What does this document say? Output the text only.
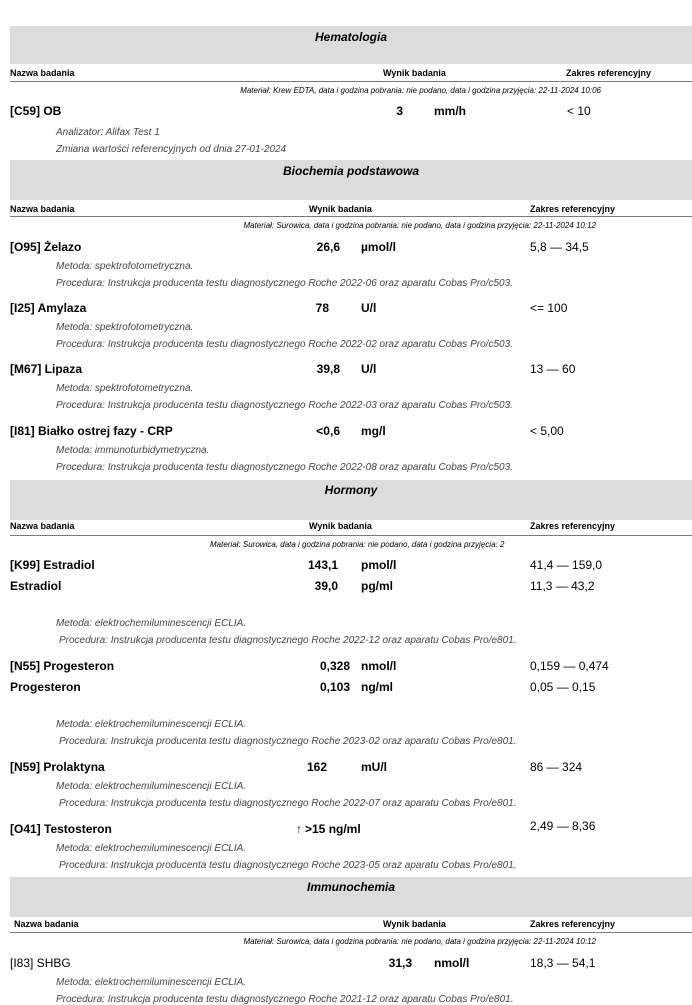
Hematologia
Nazwa badania	Wynik badania	Zakres referencyjny
Materiał: Krew EDTA, data i godzina pobrania: nie podano, data i godzina przyjęcia: 22-11-2024 10:06
[C59] OB	3	mm/h	< 10
Analizator: Alifax Test 1
Zmiana wartości referencyjnych od dnia 27-01-2024
Biochemia podstawowa
Nazwa badania	Wynik badania	Zakres referencyjny
Materiał: Surowica, data i godzina pobrania: nie podano, data i godzina przyjęcia: 22-11-2024 10:12
[O95] Żelazo	26,6 µmol/l	5,8 — 34,5
Metoda: spektrofotometryczna.
Procedura: Instrukcja producenta testu diagnostycznego Roche 2022-06 oraz aparatu Cobas Pro/c503.
[I25] Amylaza	78	U/l	<= 100
Metoda: spektrofotometryczna.
Procedura: Instrukcja producenta testu diagnostycznego Roche 2022-02 oraz aparatu Cobas Pro/c503.
[M67] Lipaza	39,8 U/l	13 — 60
Metoda: spektrofotometryczna.
Procedura: Instrukcja producenta testu diagnostycznego Roche 2022-03 oraz aparatu Cobas Pro/c503.
[I81] Białko ostrej fazy - CRP	<0,6 mg/l	< 5,00
Metoda: immunoturbidymetryczna.
Procedura: Instrukcja producenta testu diagnostycznego Roche 2022-08 oraz aparatu Cobas Pro/c503.
Hormony
Nazwa badania	Wynik badania	Zakres referencyjny
Materiał: Surowica, data i godzina pobrania: nie podano, data i godzina przyjęcia: 2
[K99] Estradiol	143,1 pmol/l	41,4 — 159,0
Estradiol	39,0 pg/ml	11,3 — 43,2
Metoda: elektrochemiluminescencji ECLIA.
Procedura: Instrukcja producenta testu diagnostycznego Roche 2022-12 oraz aparatu Cobas Pro/e801.
[N55] Progesteron	0,328 nmol/l	0,159 — 0,474
Progesteron	0,103 ng/ml	0,05 — 0,15
Metoda: elektrochemiluminescencji ECLIA.
Procedura: Instrukcja producenta testu diagnostycznego Roche 2023-02 oraz aparatu Cobas Pro/e801.
[N59] Prolaktyna	162	mU/l	86 — 324
Metoda: elektrochemiluminescencji ECLIA.
Procedura: Instrukcja producenta testu diagnostycznego Roche 2022-07 oraz aparatu Cobas Pro/e801.
[O41] Testosteron	↑ >15 ng/ml	2,49 — 8,36
Metoda: elektrochemiluminescencji ECLIA.
Procedura: Instrukcja producenta testu diagnostycznego Roche 2023-05 oraz aparatu Cobas Pro/e801.
Immunochemia
Nazwa badania	Wynik badania	Zakres referencyjny
Materiał: Surowica, data i godzina pobrania: nie podano, data i godzina przyjęcia: 22-11-2024 10:12
[I83] SHBG	31,3 nmol/l	18,3 — 54,1
Metoda: elektrochemiluminescencji ECLIA.
Procedura: Instrukcja producenta testu diagnostycznego Roche 2021-12 oraz aparatu Cobas Pro/e801.
